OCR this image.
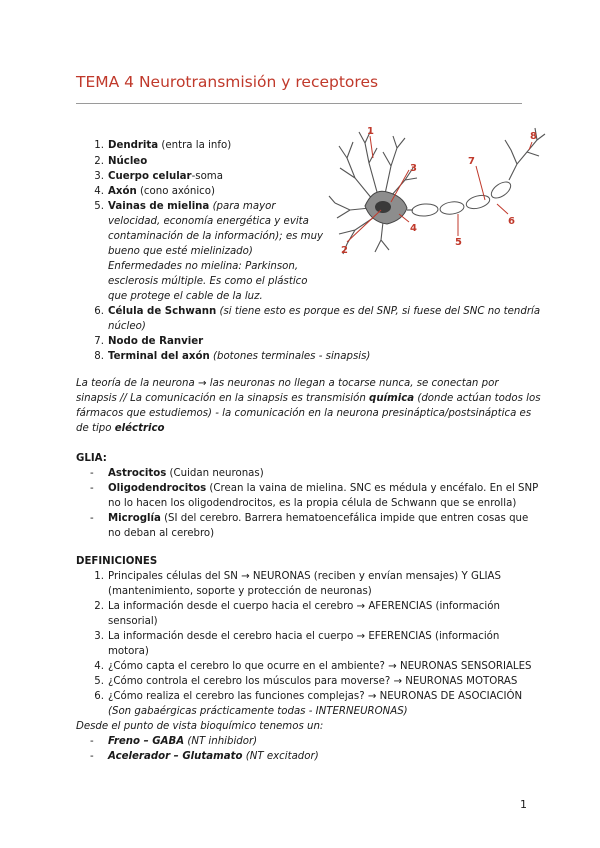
TEMA 4 Neurotransmisión y receptores
1. Dendrita (entra la info)
2. Núcleo
3. Cuerpo celular-soma
4. Axón (cono axónico)
5. Vainas de mielina (para mayor
velocidad, economía energética y evita
contaminación de la información); es muy
bueno que esté mielinizado)
Enfermedades no mielina: Parkinson,
esclerosis múltiple. Es como el plástico
que protege el cable de la luz.
6. Célula de Schwann (si tiene esto es porque es del SNP, si fuese del SNC no tendría
núcleo)
7. Nodo de Ranvier
8. Terminal del axón (botones terminales - sinapsis)
1
2
3
4
5
6
7
8
La teoría de la neurona → las neuronas no llegan a tocarse nunca, se conectan por
sinapsis // La comunicación en la sinapsis es transmisión química (donde actúan todos los
fármacos que estudiemos) - la comunicación en la neurona presináptica/postsináptica es
de tipo eléctrico
GLIA:
- Astrocitos (Cuidan neuronas)
- Oligodendrocitos (Crean la vaina de mielina. SNC es médula y encéfalo. En el SNP
no lo hacen los oligodendrocitos, es la propia célula de Schwann que se enrolla)
- Microglía (SI del cerebro. Barrera hematoencefálica impide que entren cosas que
no deban al cerebro)
DEFINICIONES
1. Principales células del SN → NEURONAS (reciben y envían mensajes) Y GLIAS
(mantenimiento, soporte y protección de neuronas)
2. La información desde el cuerpo hacia el cerebro → AFERENCIAS (información
sensorial)
3. La información desde el cerebro hacia el cuerpo → EFERENCIAS (información
motora)
4. ¿Cómo capta el cerebro lo que ocurre en el ambiente? → NEURONAS SENSORIALES
5. ¿Cómo controla el cerebro los músculos para moverse? → NEURONAS MOTORAS
6. ¿Cómo realiza el cerebro las funciones complejas? → NEURONAS DE ASOCIACIÓN
(Son gabaérgicas prácticamente todas - INTERNEURONAS)
Desde el punto de vista bioquímico tenemos un:
- Freno – GABA (NT inhibidor)
- Acelerador – Glutamato (NT excitador)
1
